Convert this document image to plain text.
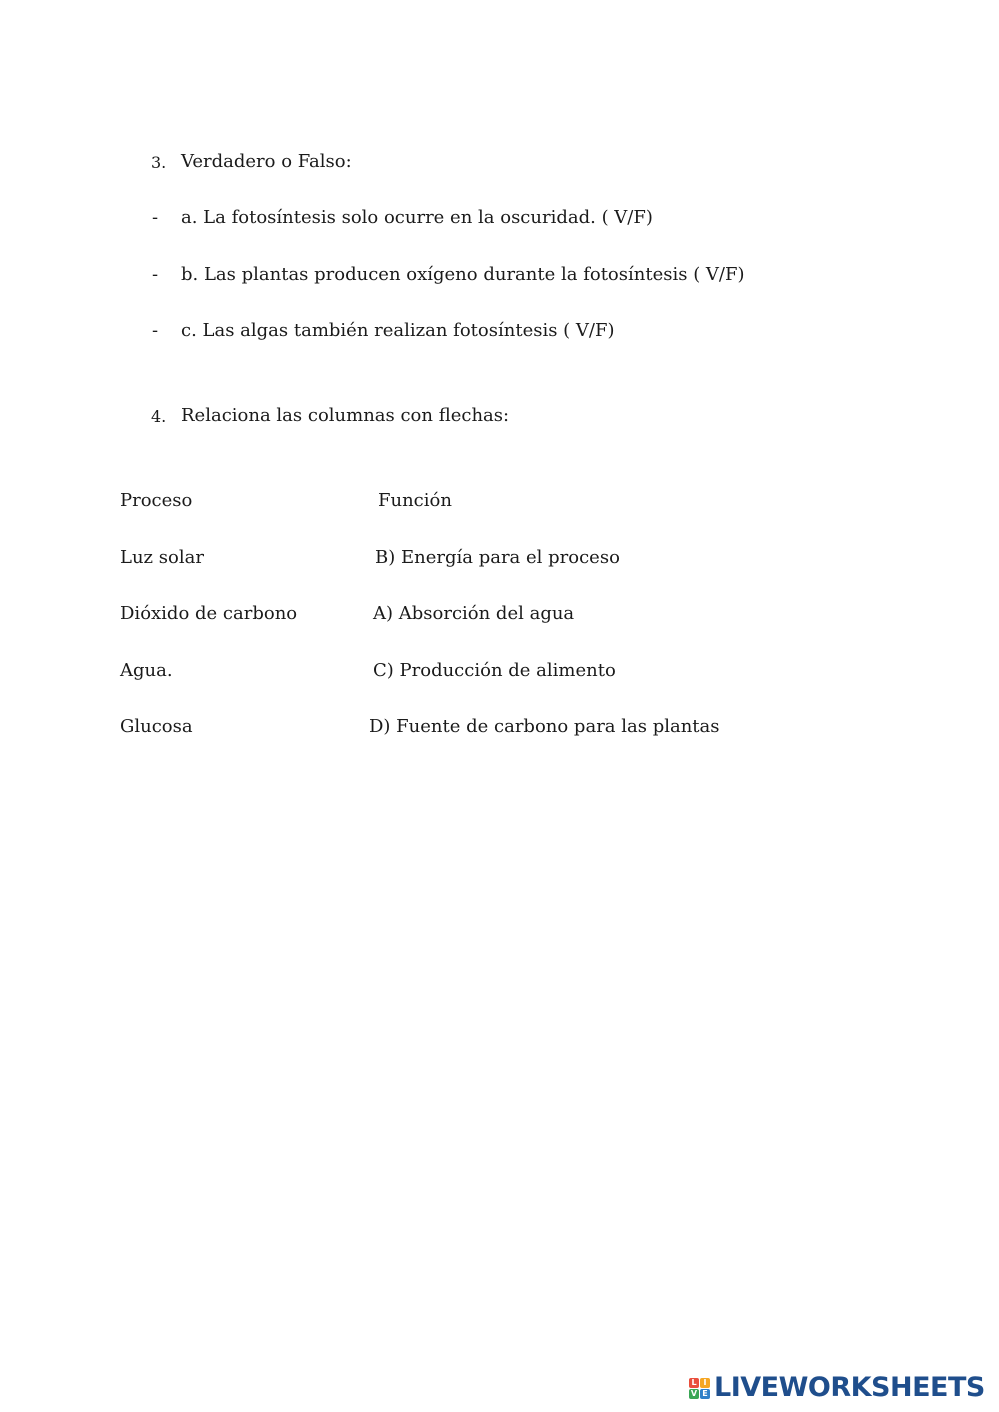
3. Verdadero o Falso:
- a. La fotosíntesis solo ocurre en la oscuridad. ( V/F)
- b. Las plantas producen oxígeno durante la fotosíntesis ( V/F)
- c. Las algas también realizan fotosíntesis ( V/F)
4. Relaciona las columnas con flechas:
Proceso	Función
Luz solar	B) Energía para el proceso
Dióxido de carbono	A) Absorción del agua
Agua.	C) Producción de alimento
Glucosa	D) Fuente de carbono para las plantas
L I
V E LIVEWORKSHEETS
